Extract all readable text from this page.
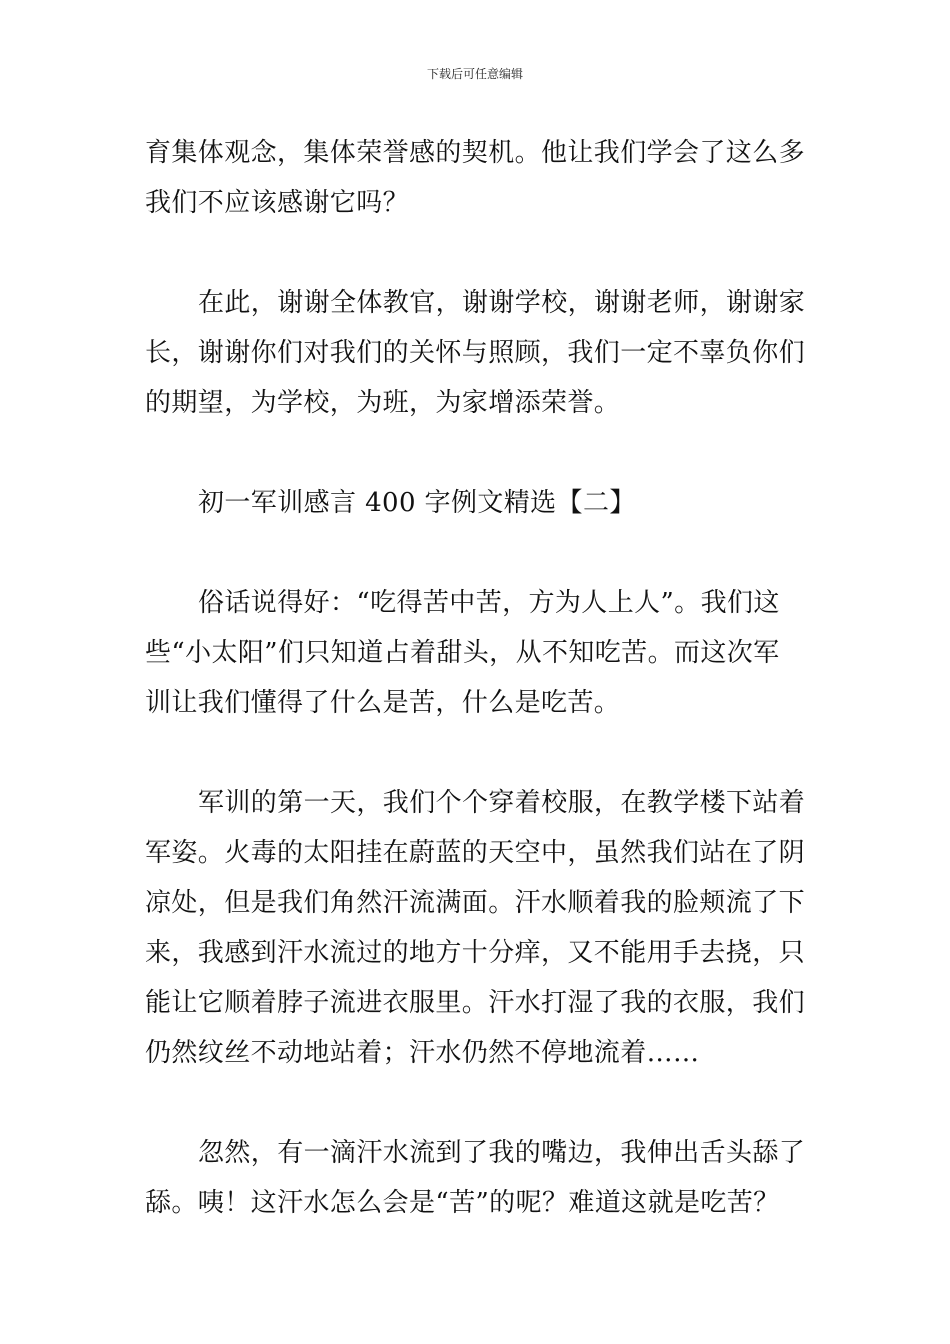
下载后可任意编辑
育集体观念，集体荣誉感的契机。他让我们学会了这么多
我们不应该感谢它吗？
在此，谢谢全体教官，谢谢学校，谢谢老师，谢谢家
长，谢谢你们对我们的关怀与照顾，我们一定不辜负你们
的期望，为学校，为班，为家增添荣誉。
初一军训感言 400 字例文精选【二】
俗话说得好：“吃得苦中苦，方为人上人”。我们这
些“小太阳”们只知道占着甜头，从不知吃苦。而这次军
训让我们懂得了什么是苦，什么是吃苦。
军训的第一天，我们个个穿着校服，在教学楼下站着
军姿。火毒的太阳挂在蔚蓝的天空中，虽然我们站在了阴
凉处，但是我们角然汗流满面。汗水顺着我的脸颊流了下
来，我感到汗水流过的地方十分痒，又不能用手去挠，只
能让它顺着脖子流进衣服里。汗水打湿了我的衣服，我们
仍然纹丝不动地站着；汗水仍然不停地流着……
忽然，有一滴汗水流到了我的嘴边，我伸出舌头舔了
舔。咦！这汗水怎么会是“苦”的呢？难道这就是吃苦？
